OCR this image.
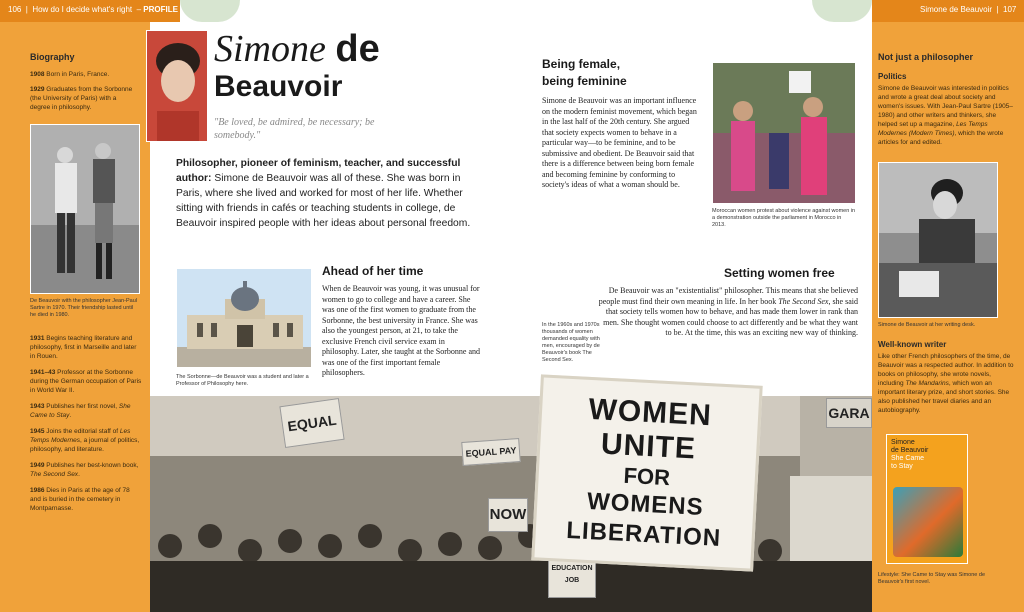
106  |  How do I decide what's right  – PROFILE	Simone de Beauvoir  |  107
Biography

1908 Born in Paris, France.

1929 Graduates from the Sorbonne (the University of Paris) with a degree in philosophy.

De Beauvoir with the philosopher Jean-Paul Sartre in 1970. Their friendship lasted until he died in 1980.

1931 Begins teaching literature and philosophy, first in Marseille and later in Rouen.

1941–43 Professor at the Sorbonne during the German occupation of Paris in World War II.

1943 Publishes her first novel, She Came to Stay.

1945 Joins the editorial staff of Les Temps Modernes, a journal of politics, philosophy, and literature.

1949 Publishes her best-known book, The Second Sex.

1986 Dies in Paris at the age of 78 and is buried in the cemetery in Montparnasse.

Simone de
Beauvoir
"Be loved, be admired, be necessary; be somebody."
Philosopher, pioneer of feminism, teacher, and successful author: Simone de Beauvoir was all of these. She was born in Paris, where she lived and worked for most of her life. Whether sitting with friends in cafés or teaching students in college, de Beauvoir inspired people with her ideas about personal freedom.
The Sorbonne—de Beauvoir was a student and later a Professor of Philosophy here.
Ahead of her time
When de Beauvoir was young, it was unusual for women to go to college and have a career. She was one of the first women to graduate from the Sorbonne, the best university in France. She was also the youngest person, at 21, to take the exclusive French civil service exam in philosophy. Later, she taught at the Sorbonne and was one of the first important female philosophers.
Being female,
being feminine
Simone de Beauvoir was an important influence on the modern feminist movement, which began in the last half of the 20th century. She argued that society expects women to behave in a particular way—to be feminine, and to be submissive and obedient. De Beauvoir said that there is a difference between being born female and becoming feminine by conforming to society's ideas of what a woman should be.
Moroccan women protest about violence against women in a demonstration outside the parliament in Morocco in 2013.
Setting women free
De Beauvoir was an "existentialist" philosopher. This means that she believed people must find their own meaning in life. In her book The Second Sex, she said that society tells women how to behave, and has made them lower in rank than men. She thought women could choose to act differently and be what they want to be. At the time, this was an exciting new way of thinking.
In the 1960s and 1970s thousands of women demanded equality with men, encouraged by de Beauvoir's book The Second Sex.
EQUAL
EQUAL PAY
NOW
EDUCATION
JOB
GARA
WOMEN
UNITE
FOR
WOMENS
LIBERATION
Not just a philosopher
Politics
Simone de Beauvoir was interested in politics and wrote a great deal about society and women's issues. With Jean-Paul Sartre (1905–1980) and other writers and thinkers, she helped set up a magazine, Les Temps Modernes (Modern Times), which the wrote articles for and edited.
Simone de Beauvoir at her writing desk.
Well-known writer
Like other French philosophers of the time, de Beauvoir was a respected author. In addition to books on philosophy, she wrote novels, including The Mandarins, which won an important literary prize, and short stories. She also published her travel diaries and an autobiography.
Simone
de Beauvoir
She Came
to Stay
Lifestyle: She Came to Stay was Simone de Beauvoir's first novel.
